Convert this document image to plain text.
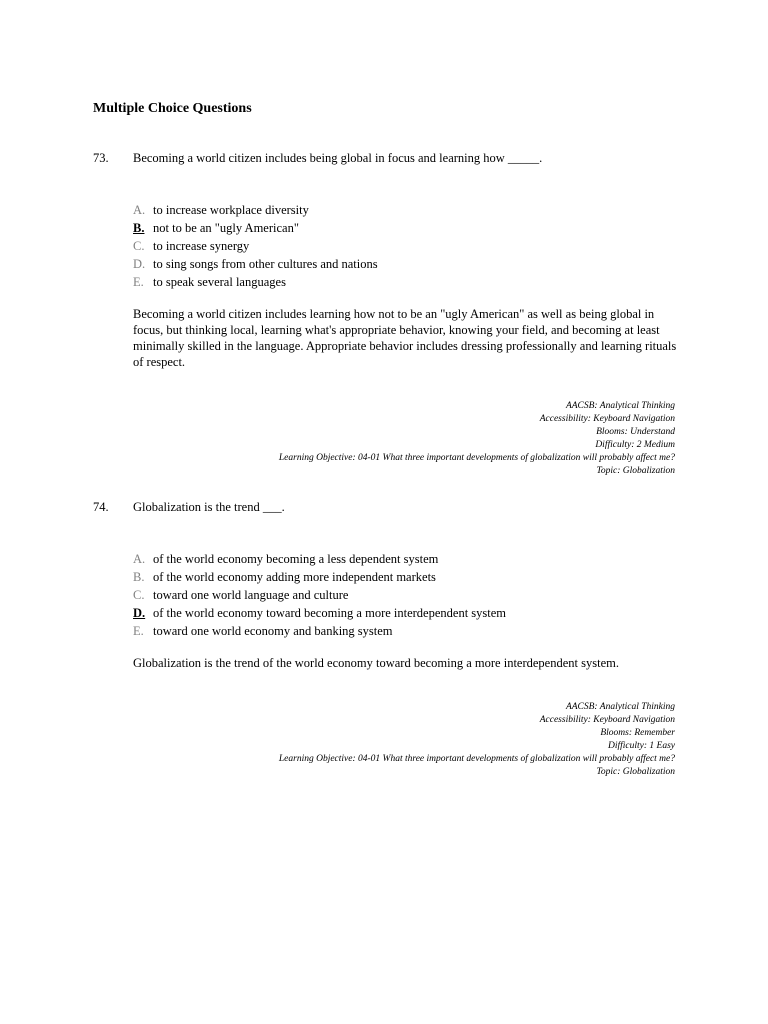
Multiple Choice Questions
73. Becoming a world citizen includes being global in focus and learning how _____.
A. to increase workplace diversity
B. not to be an "ugly American"
C. to increase synergy
D. to sing songs from other cultures and nations
E. to speak several languages

Becoming a world citizen includes learning how not to be an "ugly American" as well as being global in focus, but thinking local, learning what's appropriate behavior, knowing your field, and becoming at least minimally skilled in the language. Appropriate behavior includes dressing professionally and learning rituals of respect.

AACSB: Analytical Thinking
Accessibility: Keyboard Navigation
Blooms: Understand
Difficulty: 2 Medium
Learning Objective: 04-01 What three important developments of globalization will probably affect me?
Topic: Globalization
74. Globalization is the trend ___.
A. of the world economy becoming a less dependent system
B. of the world economy adding more independent markets
C. toward one world language and culture
D. of the world economy toward becoming a more interdependent system
E. toward one world economy and banking system

Globalization is the trend of the world economy toward becoming a more interdependent system.

AACSB: Analytical Thinking
Accessibility: Keyboard Navigation
Blooms: Remember
Difficulty: 1 Easy
Learning Objective: 04-01 What three important developments of globalization will probably affect me?
Topic: Globalization
